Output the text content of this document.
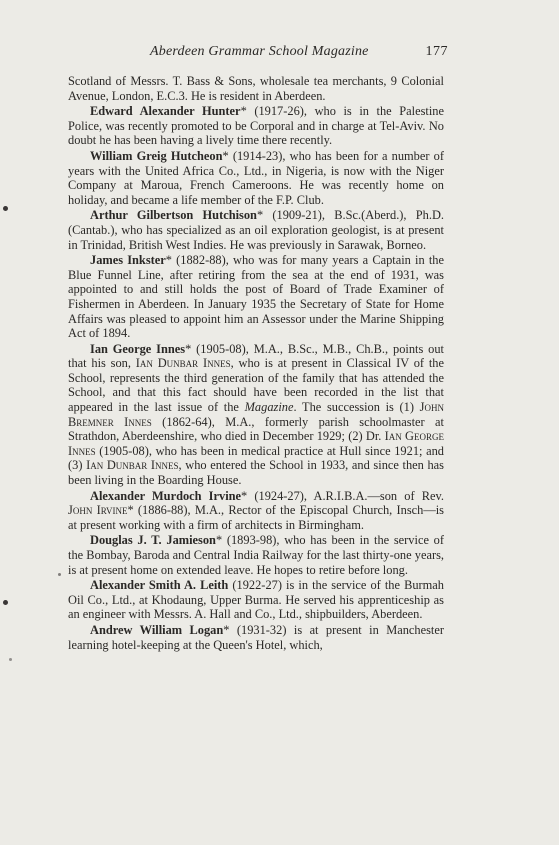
Aberdeen Grammar School Magazine	177

Scotland of Messrs. T. Bass & Sons, wholesale tea merchants, 9 Colonial Avenue, London, E.C.3. He is resident in Aberdeen.

Edward Alexander Hunter* (1917-26), who is in the Palestine Police, was recently promoted to be Corporal and in charge at Tel-Aviv. No doubt he has been having a lively time there recently.

William Greig Hutcheon* (1914-23), who has been for a number of years with the United Africa Co., Ltd., in Nigeria, is now with the Niger Company at Maroua, French Cameroons. He was recently home on holiday, and became a life member of the F.P. Club.

Arthur Gilbertson Hutchison* (1909-21), B.Sc.(Aberd.), Ph.D.(Cantab.), who has specialized as an oil exploration geologist, is at present in Trinidad, British West Indies. He was previously in Sarawak, Borneo.

James Inkster* (1882-88), who was for many years a Captain in the Blue Funnel Line, after retiring from the sea at the end of 1931, was appointed to and still holds the post of Board of Trade Examiner of Fishermen in Aberdeen. In January 1935 the Secretary of State for Home Affairs was pleased to appoint him an Assessor under the Marine Shipping Act of 1894.

Ian George Innes* (1905-08), M.A., B.Sc., M.B., Ch.B., points out that his son, Ian Dunbar Innes, who is at present in Classical IV of the School, represents the third generation of the family that has attended the School, and that this fact should have been recorded in the list that appeared in the last issue of the Magazine. The succession is (1) John Bremner Innes (1862-64), M.A., formerly parish schoolmaster at Strathdon, Aberdeenshire, who died in December 1929; (2) Dr. Ian George Innes (1905-08), who has been in medical practice at Hull since 1921; and (3) Ian Dunbar Innes, who entered the School in 1933, and since then has been living in the Boarding House.

Alexander Murdoch Irvine* (1924-27), A.R.I.B.A.—son of Rev. John Irvine* (1886-88), M.A., Rector of the Episcopal Church, Insch—is at present working with a firm of architects in Birmingham.

Douglas J. T. Jamieson* (1893-98), who has been in the service of the Bombay, Baroda and Central India Railway for the last thirty-one years, is at present home on extended leave. He hopes to retire before long.

Alexander Smith A. Leith (1922-27) is in the service of the Burmah Oil Co., Ltd., at Khodaung, Upper Burma. He served his apprenticeship as an engineer with Messrs. A. Hall and Co., Ltd., shipbuilders, Aberdeen.

Andrew William Logan* (1931-32) is at present in Manchester learning hotel-keeping at the Queen's Hotel, which,
